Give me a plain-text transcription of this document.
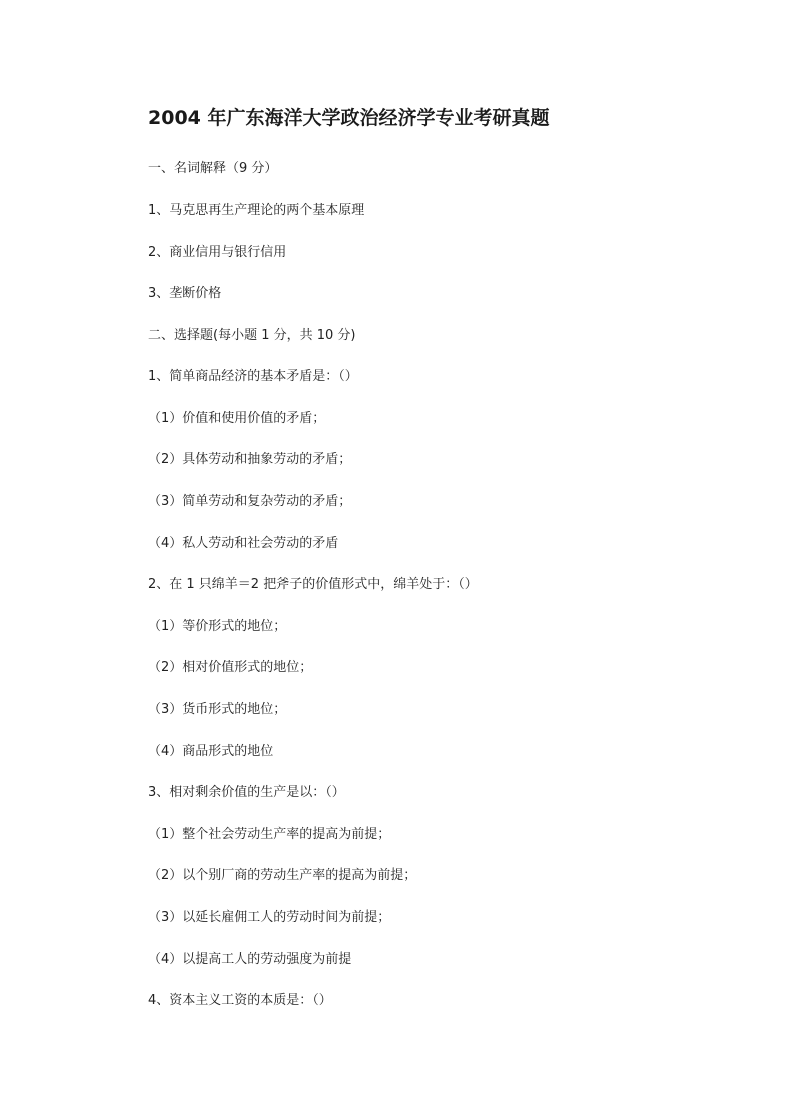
2004 年广东海洋大学政治经济学专业考研真题
一、名词解释（9 分）
1、马克思再生产理论的两个基本原理
2、商业信用与银行信用
3、垄断价格
二、选择题(每小题 1 分，共 10 分)
1、简单商品经济的基本矛盾是：（）
（1）价值和使用价值的矛盾；
（2）具体劳动和抽象劳动的矛盾；
（3）简单劳动和复杂劳动的矛盾；
（4）私人劳动和社会劳动的矛盾
2、在 1 只绵羊＝2 把斧子的价值形式中，绵羊处于：（）
（1）等价形式的地位；
（2）相对价值形式的地位；
（3）货币形式的地位；
（4）商品形式的地位
3、相对剩余价值的生产是以：（）
（1）整个社会劳动生产率的提高为前提；
（2）以个别厂商的劳动生产率的提高为前提；
（3）以延长雇佣工人的劳动时间为前提；
（4）以提高工人的劳动强度为前提
4、资本主义工资的本质是：（）
